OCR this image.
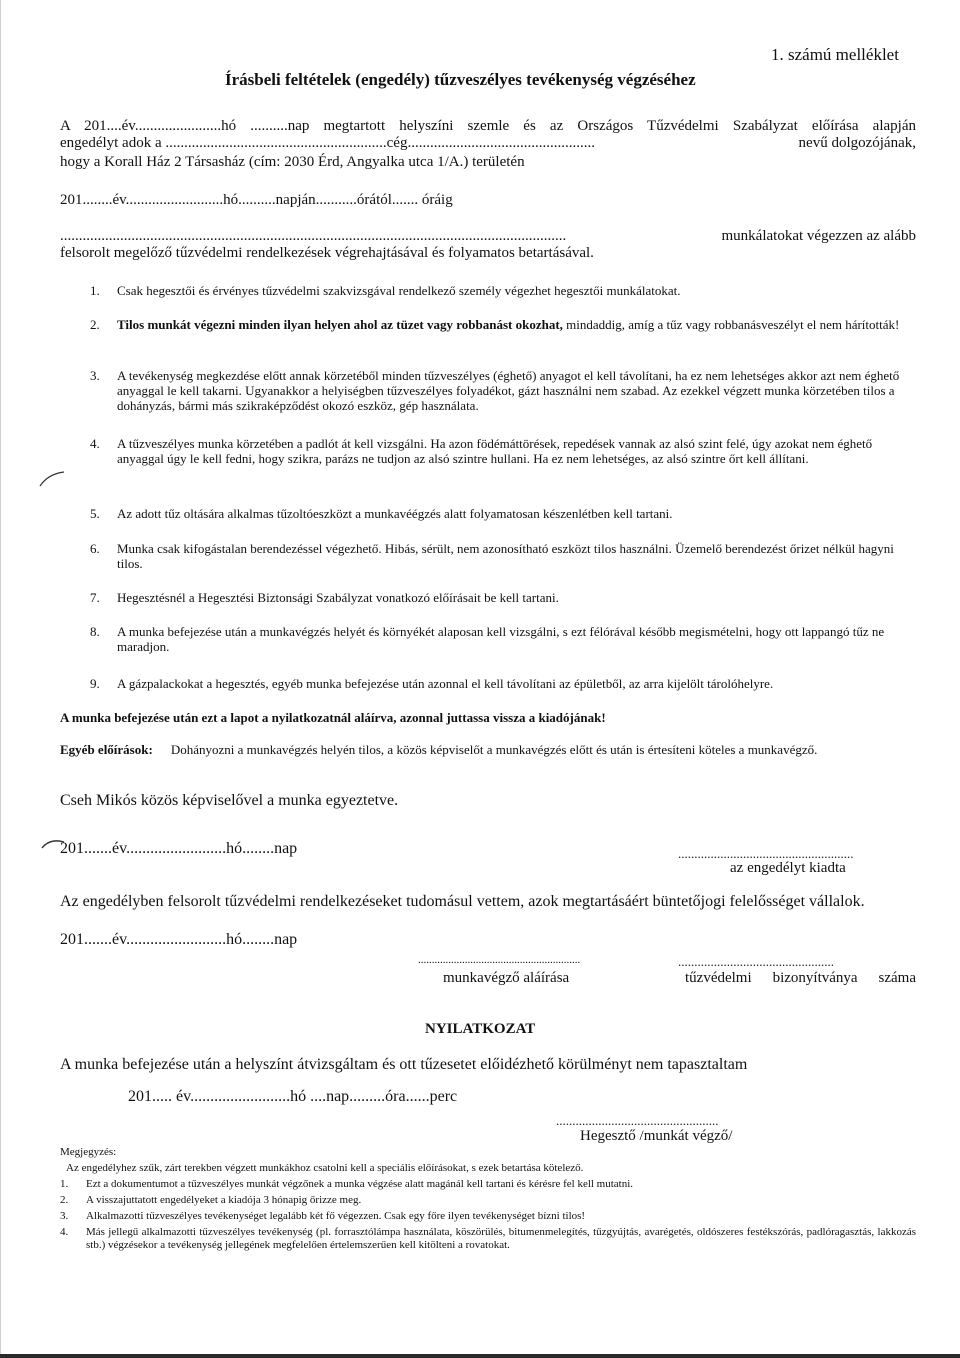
1. számú melléklet
Írásbeli feltételek (engedély) tűzveszélyes tevékenység végzéséhez
A 201....év.......................hó ..........nap megtartott helyszíni szemle és az Országos Tűzvédelmi Szabályzat előírása alapján
engedélyt adok a ...........................................................cég..................................................	nevű dolgozójának,
hogy a Korall Ház 2 Társasház (cím: 2030 Érd, Angyalka utca 1/A.) területén
201........év..........................hó..........napján...........órától....... óráig
.......................................................................................................................................	munkálatokat végezzen az alább
felsorolt megelőző tűzvédelmi rendelkezések végrehajtásával és folyamatos betartásával.
1. Csak hegesztői és érvényes tűzvédelmi szakvizsgával rendelkező személy végezhet hegesztői munkálatokat.
2. Tilos munkát végezni minden ilyan helyen ahol az tüzet vagy robbanást okozhat, mindaddig, amíg a tűz vagy robbanásveszélyt el nem hárították!
3. A tevékenység megkezdése előtt annak körzetéből minden tűzveszélyes (éghető) anyagot el kell távolítani, ha ez nem lehetséges akkor azt nem éghető anyaggal le kell takarni. Ugyanakkor a helyiségben tűzveszélyes folyadékot, gázt használni nem szabad. Az ezekkel végzett munka körzetében tilos a dohányzás, bármi más szikraképződést okozó eszköz, gép használata.
4. A tűzveszélyes munka körzetében a padlót át kell vizsgálni. Ha azon födémáttörések, repedések vannak az alsó szint felé, úgy azokat nem éghető anyaggal úgy le kell fedni, hogy szikra, parázs ne tudjon az alsó szintre hullani. Ha ez nem lehetséges, az alsó szintre őrt kell állítani.
5. Az adott tűz oltására alkalmas tűzoltóeszközt a munkavéégzés alatt folyamatosan készenlétben kell tartani.
6. Munka csak kifogástalan berendezéssel végezhető. Hibás, sérült, nem azonosítható eszközt tilos használni. Üzemelő berendezést őrizet nélkül hagyni tilos.
7. Hegesztésnél a Hegesztési Biztonsági Szabályzat vonatkozó előírásait be kell tartani.
8. A munka befejezése után a munkavégzés helyét és környékét alaposan kell vizsgálni, s ezt félórával később megismételni, hogy ott lappangó tűz ne maradjon.
9. A gázpalackokat a hegesztés, egyéb munka befejezése után azonnal el kell távolítani az épületből, az arra kijelölt tárolóhelyre.
A munka befejezése után ezt a lapot a nyilatkozatnál aláírva, azonnal juttassa vissza a kiadójának!
Egyéb előírások: Dohányozni a munkavégzés helyén tilos, a közös képviselőt a munkavégzés előtt és után is értesíteni köteles a munkavégző.
Cseh Mikós közös képviselővel a munka egyeztetve.
201.......év.........................hó........nap	......................................................
az engedélyt kiadta
Az engedélyben felsorolt tűzvédelmi rendelkezéseket tudomásul vettem, azok megtartásáért büntetőjogi felelősséget vállalok.
201.......év.........................hó........nap
...........................................................
munkavégző aláírása
................................................
tűzvédelmi bizonyítványa száma
NYILATKOZAT
A munka befejezése után a helyszínt átvizsgáltam és ott tűzesetet előidézhető körülményt nem tapasztaltam
201..... év.........................hó ....nap.........óra......perc
..................................................
Hegesztő /munkát végző/
Megjegyzés:
Az engedélyhez szűk, zárt terekben végzett munkákhoz csatolni kell a speciális előírásokat, s ezek betartása kötelező.
1. Ezt a dokumentumot a tűzveszélyes munkát végzőnek a munka végzése alatt magánál kell tartani és kérésre fel kell mutatni.
2. A visszajuttatott engedélyeket a kiadója 3 hónapig őrizze meg.
3. Alkalmazotti tűzveszélyes tevékenységet legalább két fő végezzen. Csak egy főre ilyen tevékenységet bízni tilos!
4. Más jellegű alkalmazotti tűzveszélyes tevékenység (pl. forrasztólámpa használata, köszörülés, bitumenmelegítés, tűzgyújtás, avarégetés, oldószeres festékszórás, padlóragasztás, lakkozás stb.) végzésekor a tevékenység jellegének megfelelően értelemszerűen kell kitölteni a rovatokat.
